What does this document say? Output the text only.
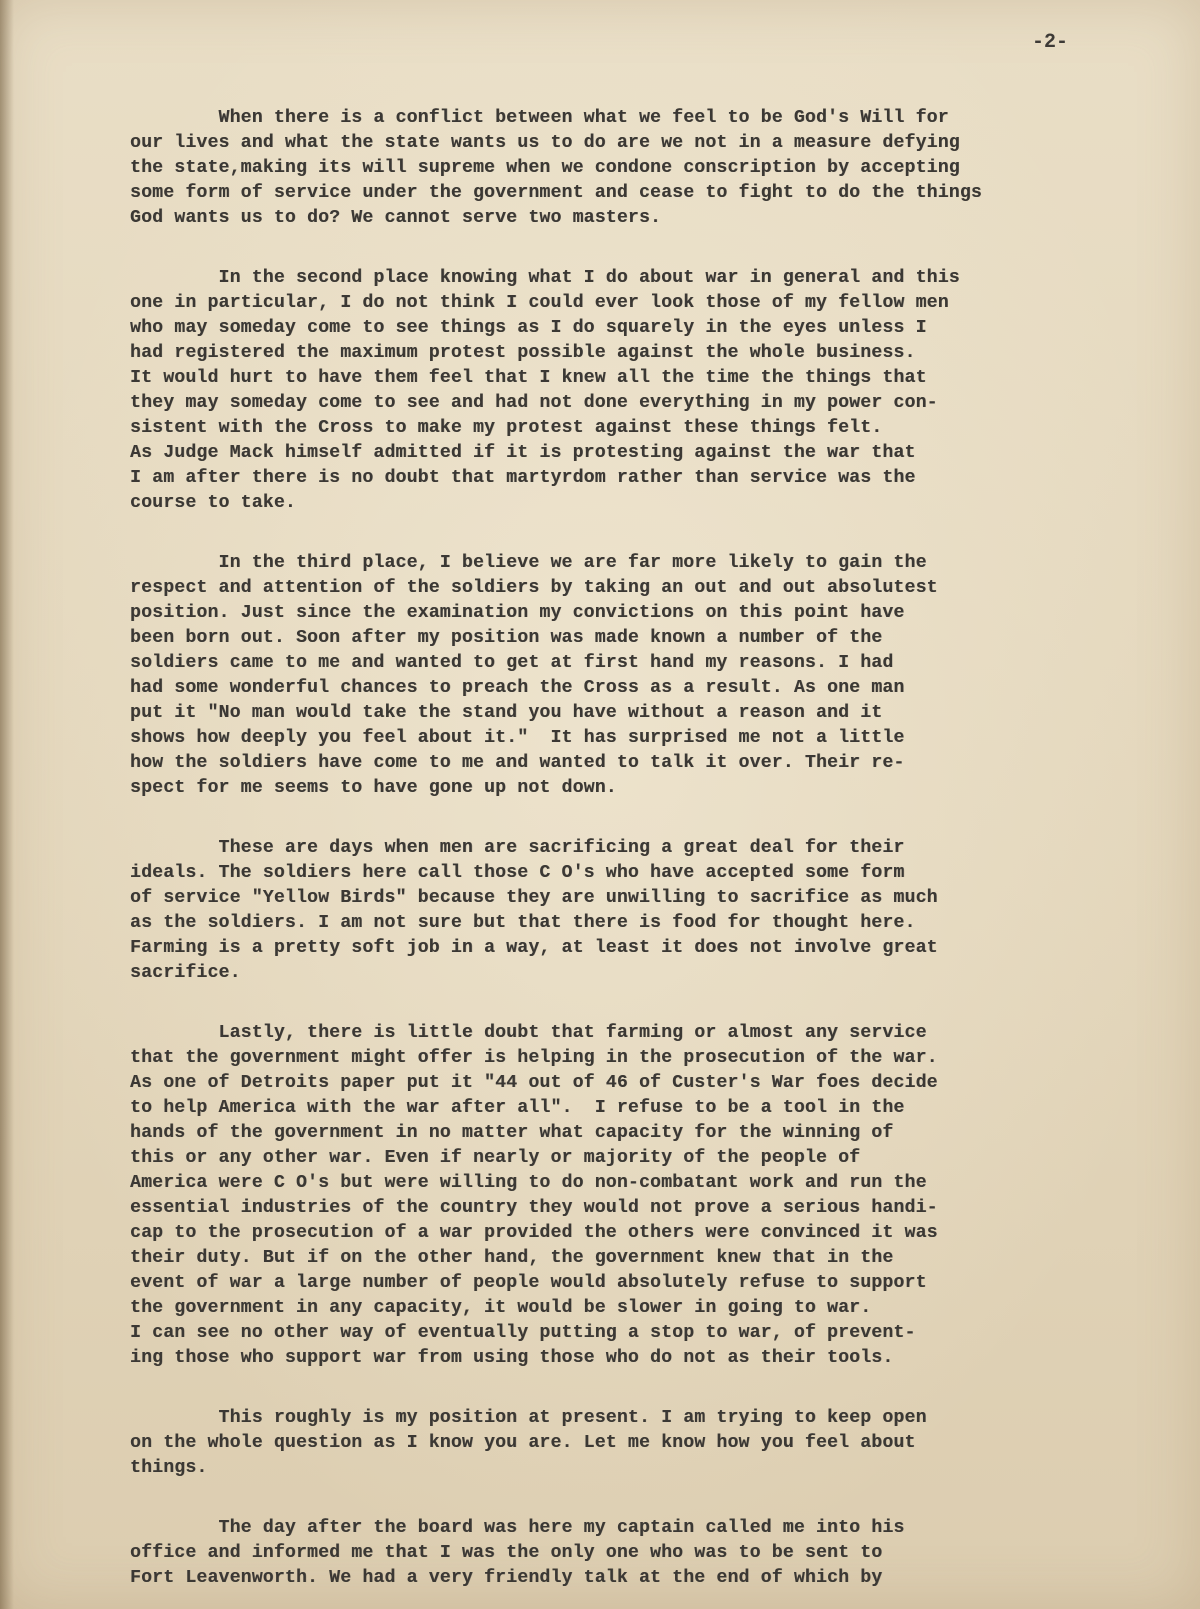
-2-
When there is a conflict between what we feel to be God's Will for
our lives and what the state wants us to do are we not in a measure defying
the state,making its will supreme when we condone conscription by accepting
some form of service under the government and cease to fight to do the things
God wants us to do? We cannot serve two masters.
In the second place knowing what I do about war in general and this
one in particular, I do not think I could ever look those of my fellow men
who may someday come to see things as I do squarely in the eyes unless I
had registered the maximum protest possible against the whole business.
It would hurt to have them feel that I knew all the time the things that
they may someday come to see and had not done everything in my power con-
sistent with the Cross to make my protest against these things felt.
As Judge Mack himself admitted if it is protesting against the war that
I am after there is no doubt that martyrdom rather than service was the
course to take.
In the third place, I believe we are far more likely to gain the
respect and attention of the soldiers by taking an out and out absolutest
position. Just since the examination my convictions on this point have
been born out. Soon after my position was made known a number of the
soldiers came to me and wanted to get at first hand my reasons. I had
had some wonderful chances to preach the Cross as a result. As one man
put it "No man would take the stand you have without a reason and it
shows how deeply you feel about it."  It has surprised me not a little
how the soldiers have come to me and wanted to talk it over. Their re-
spect for me seems to have gone up not down.
These are days when men are sacrificing a great deal for their
ideals. The soldiers here call those C O's who have accepted some form
of service "Yellow Birds" because they are unwilling to sacrifice as much
as the soldiers. I am not sure but that there is food for thought here.
Farming is a pretty soft job in a way, at least it does not involve great
sacrifice.
Lastly, there is little doubt that farming or almost any service
that the government might offer is helping in the prosecution of the war.
As one of Detroits paper put it "44 out of 46 of Custer's War foes decide
to help America with the war after all".  I refuse to be a tool in the
hands of the government in no matter what capacity for the winning of
this or any other war. Even if nearly or majority of the people of
America were C O's but were willing to do non-combatant work and run the
essential industries of the country they would not prove a serious handi-
cap to the prosecution of a war provided the others were convinced it was
their duty. But if on the other hand, the government knew that in the
event of war a large number of people would absolutely refuse to support
the government in any capacity, it would be slower in going to war.
I can see no other way of eventually putting a stop to war, of prevent-
ing those who support war from using those who do not as their tools.
This roughly is my position at present. I am trying to keep open
on the whole question as I know you are. Let me know how you feel about
things.
The day after the board was here my captain called me into his
office and informed me that I was the only one who was to be sent to
Fort Leavenworth. We had a very friendly talk at the end of which by
